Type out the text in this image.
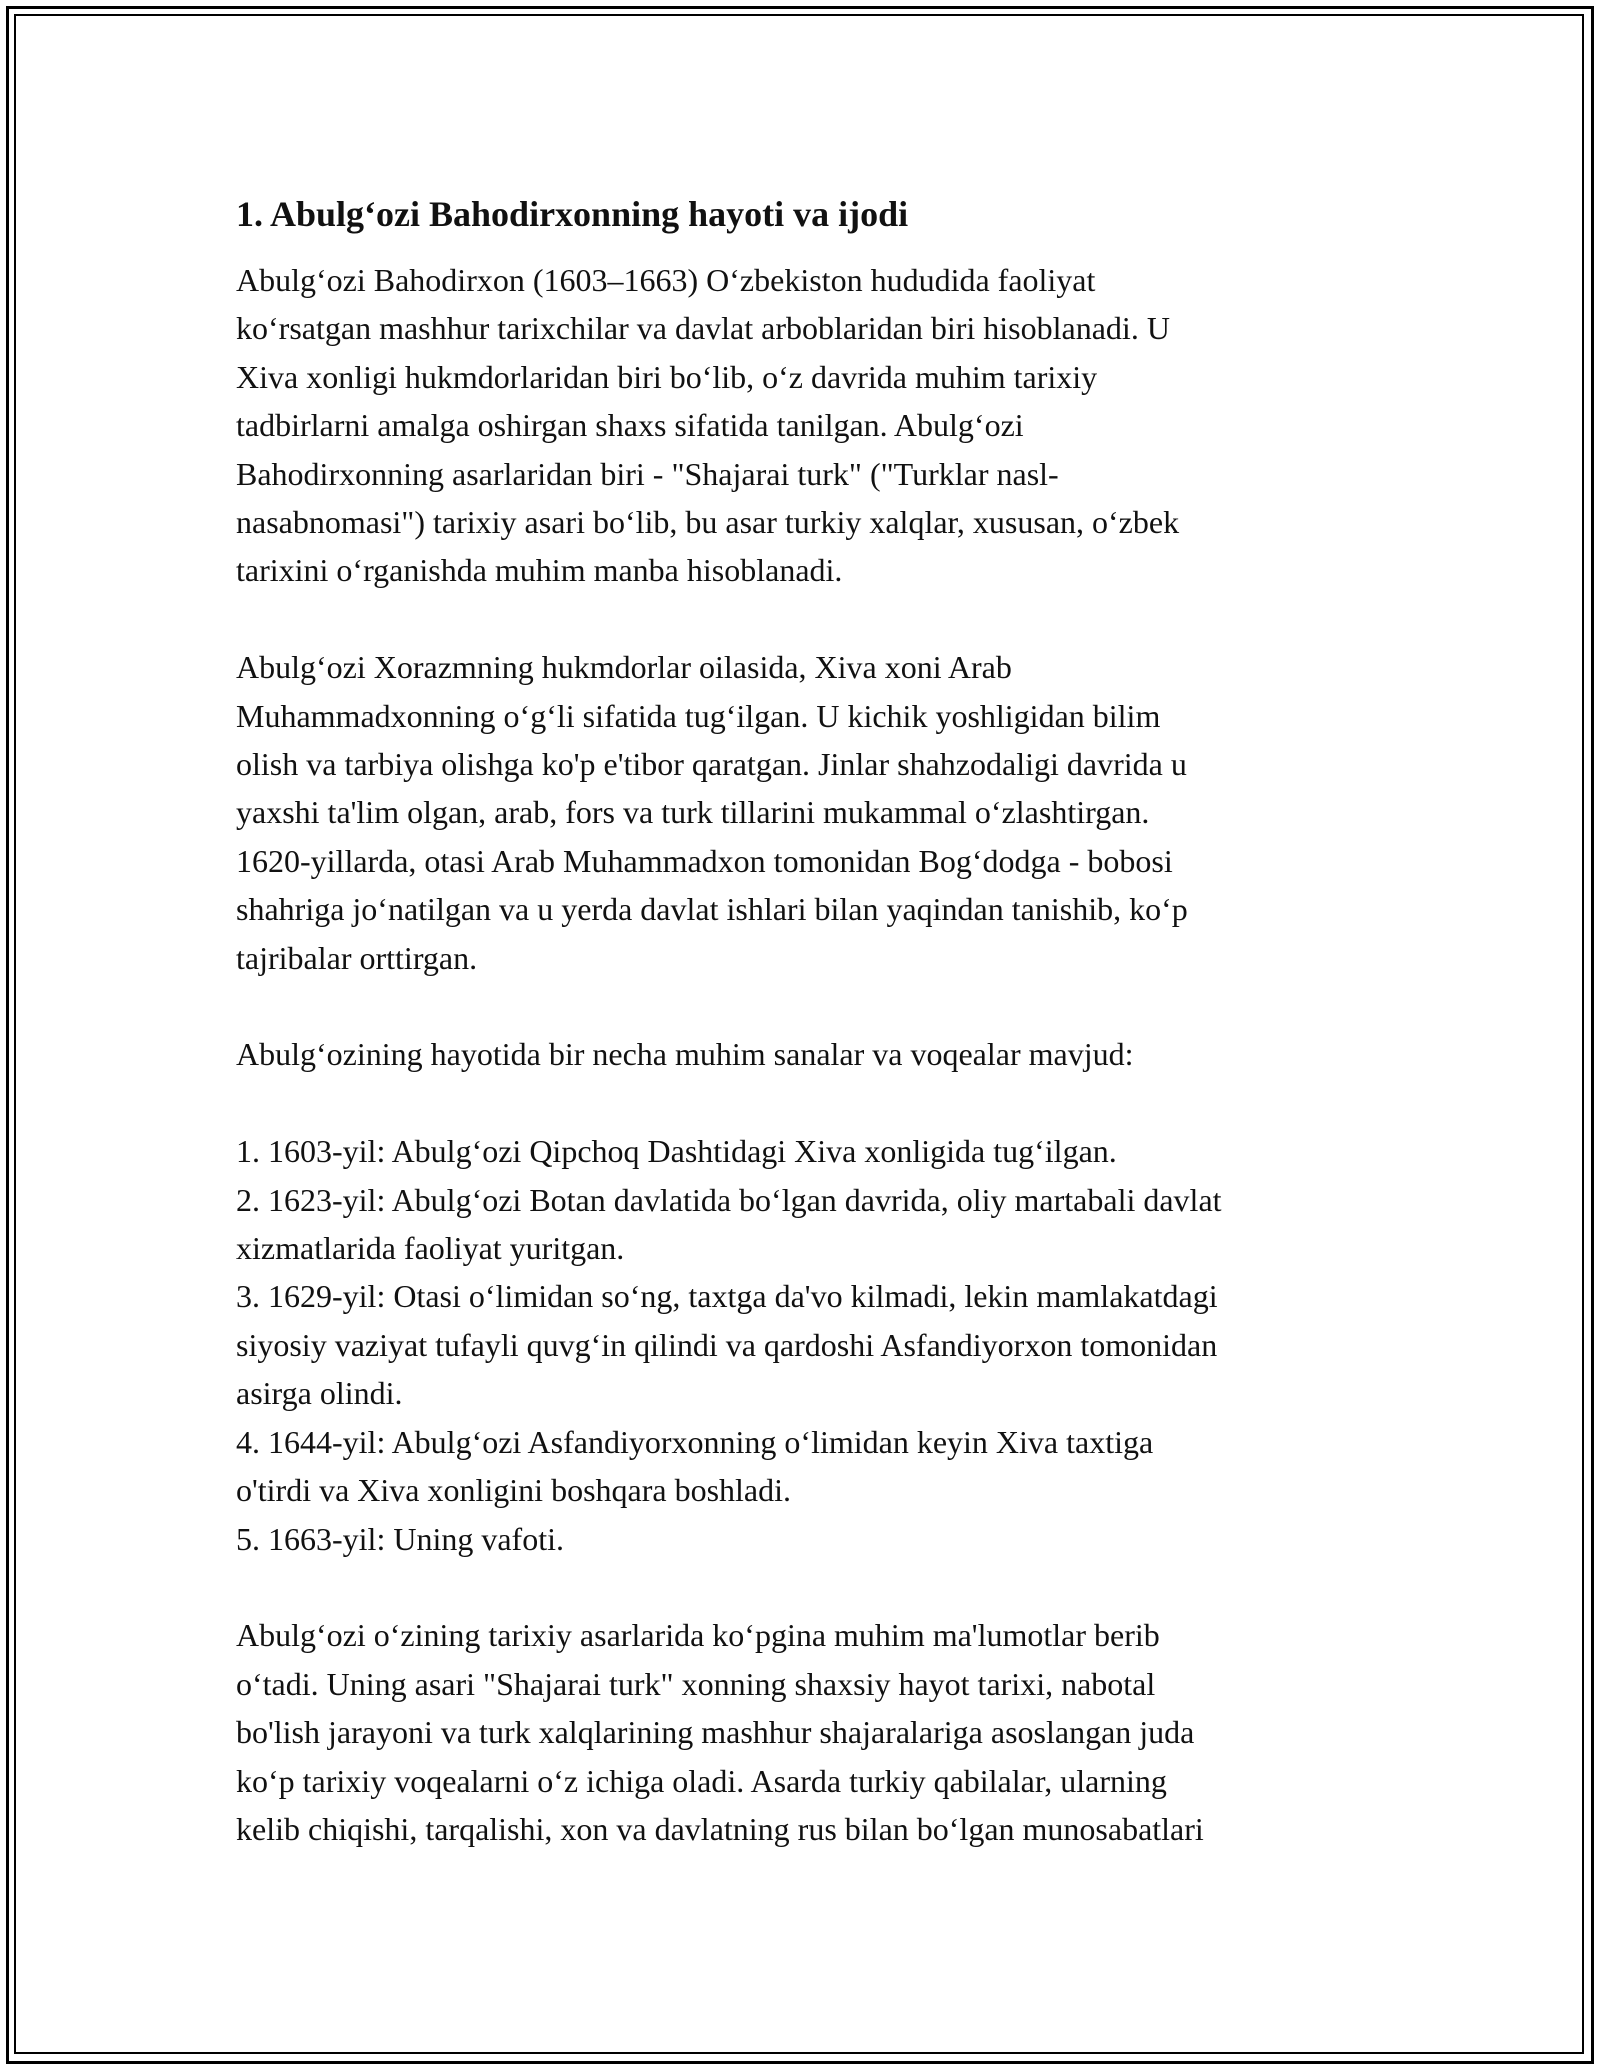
1. Abulgʻozi Bahodirxonning hayoti va ijodi

Abulgʻozi Bahodirxon (1603–1663) Oʻzbekiston hududida faoliyat
koʻrsatgan mashhur tarixchilar va davlat arboblaridan biri hisoblanadi. U
Xiva xonligi hukmdorlaridan biri boʻlib, oʻz davrida muhim tarixiy
tadbirlarni amalga oshirgan shaxs sifatida tanilgan. Abulgʻozi
Bahodirxonning asarlaridan biri - "Shajarai turk" ("Turklar nasl-
nasabnomasi") tarixiy asari boʻlib, bu asar turkiy xalqlar, xususan, oʻzbek
tarixini oʻrganishda muhim manba hisoblanadi.

Abulgʻozi Xorazmning hukmdorlar oilasida, Xiva xoni Arab
Muhammadxonning oʻgʻli sifatida tugʻilgan. U kichik yoshligidan bilim
olish va tarbiya olishga ko'p e'tibor qaratgan. Jinlar shahzodaligi davrida u
yaxshi ta'lim olgan, arab, fors va turk tillarini mukammal oʻzlashtirgan.
1620-yillarda, otasi Arab Muhammadxon tomonidan Bogʻdodga - bobosi
shahriga joʻnatilgan va u yerda davlat ishlari bilan yaqindan tanishib, koʻp
tajribalar orttirgan.

Abulgʻozining hayotida bir necha muhim sanalar va voqealar mavjud:

1. 1603-yil: Abulgʻozi Qipchoq Dashtidagi Xiva xonligida tugʻilgan.
2. 1623-yil: Abulgʻozi Botan davlatida boʻlgan davrida, oliy martabali davlat
xizmatlarida faoliyat yuritgan.
3. 1629-yil: Otasi oʻlimidan soʻng, taxtga da'vo kilmadi, lekin mamlakatdagi
siyosiy vaziyat tufayli quvgʻin qilindi va qardoshi Asfandiyorxon tomonidan
asirga olindi.
4. 1644-yil: Abulgʻozi Asfandiyorxonning oʻlimidan keyin Xiva taxtiga
o'tirdi va Xiva xonligini boshqara boshladi.
5. 1663-yil: Uning vafoti.

Abulgʻozi oʻzining tarixiy asarlarida koʻpgina muhim ma'lumotlar berib
oʻtadi. Uning asari "Shajarai turk" xonning shaxsiy hayot tarixi, nabotal
bo'lish jarayoni va turk xalqlarining mashhur shajaralariga asoslangan juda
koʻp tarixiy voqealarni oʻz ichiga oladi. Asarda turkiy qabilalar, ularning
kelib chiqishi, tarqalishi, xon va davlatning rus bilan boʻlgan munosabatlari
